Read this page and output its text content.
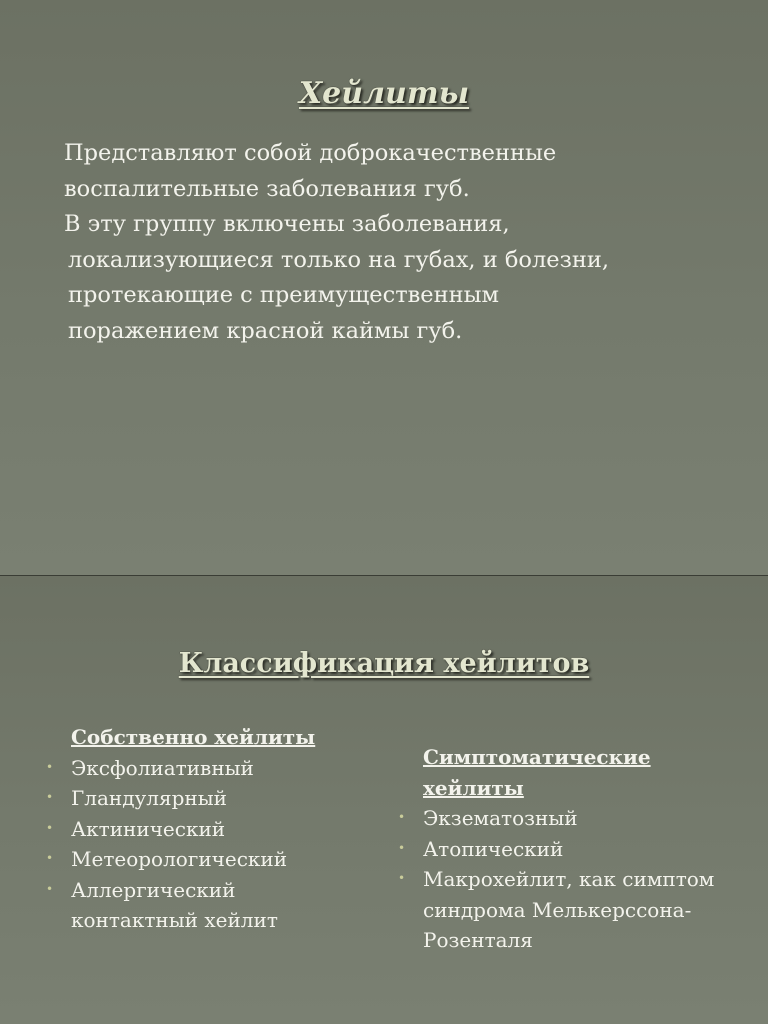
Хейлиты

Представляют собой доброкачественные

воспалительные заболевания губ.

В эту группу включены заболевания,

локализующиеся только на губах, и болезни,

протекающие с преимущественным

поражением красной каймы губ.

Классификация хейлитов
Собственно хейлиты
• Эксфолиативный
• Гландулярный
• Актинический
• Метеорологический
• Аллергический контактный хейлит
Симптоматические хейлиты
• Экзематозный
• Атопический
• Макрохейлит, как симптом синдрома Мелькерссона-Розенталя
